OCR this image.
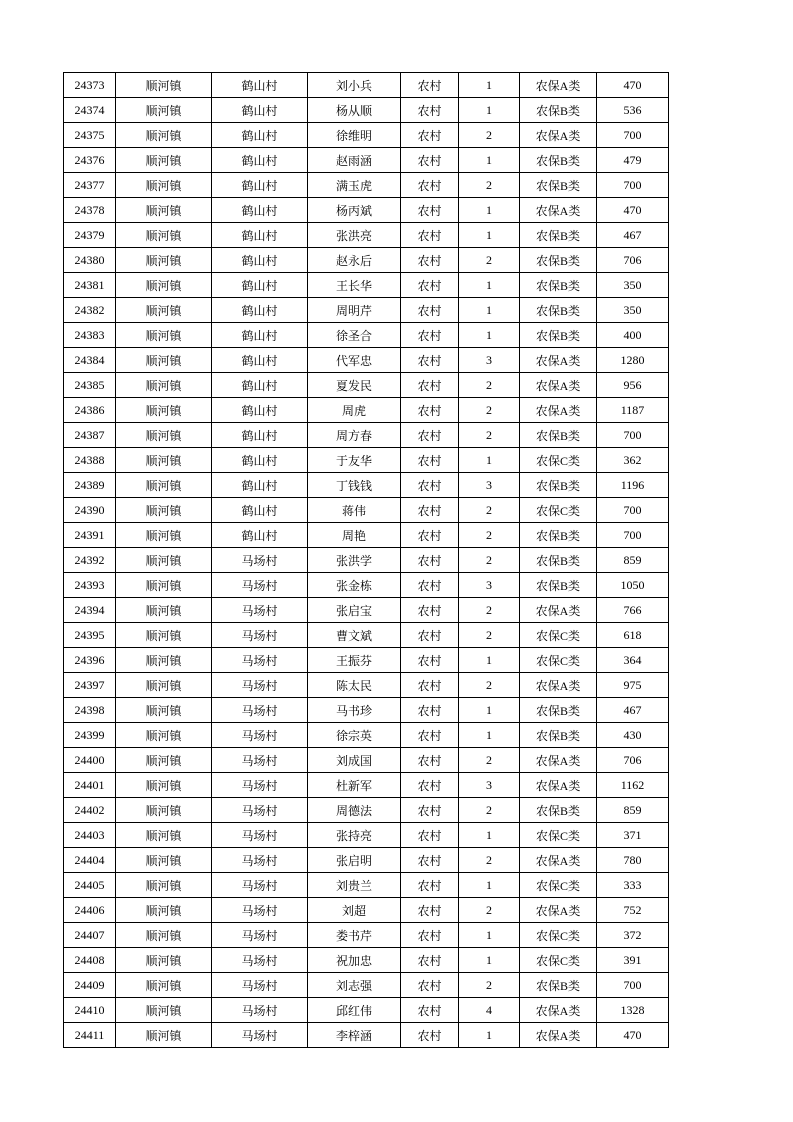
24373	顺河镇	鹤山村	刘小兵	农村	1	农保A类	470
24374	顺河镇	鹤山村	杨从顺	农村	1	农保B类	536
24375	顺河镇	鹤山村	徐维明	农村	2	农保A类	700
24376	顺河镇	鹤山村	赵雨涵	农村	1	农保B类	479
24377	顺河镇	鹤山村	满玉虎	农村	2	农保B类	700
24378	顺河镇	鹤山村	杨丙斌	农村	1	农保A类	470
24379	顺河镇	鹤山村	张洪亮	农村	1	农保B类	467
24380	顺河镇	鹤山村	赵永后	农村	2	农保B类	706
24381	顺河镇	鹤山村	王长华	农村	1	农保B类	350
24382	顺河镇	鹤山村	周明芹	农村	1	农保B类	350
24383	顺河镇	鹤山村	徐圣合	农村	1	农保B类	400
24384	顺河镇	鹤山村	代军忠	农村	3	农保A类	1280
24385	顺河镇	鹤山村	夏发民	农村	2	农保A类	956
24386	顺河镇	鹤山村	周虎	农村	2	农保A类	1187
24387	顺河镇	鹤山村	周方春	农村	2	农保B类	700
24388	顺河镇	鹤山村	于友华	农村	1	农保C类	362
24389	顺河镇	鹤山村	丁钱钱	农村	3	农保B类	1196
24390	顺河镇	鹤山村	蒋伟	农村	2	农保C类	700
24391	顺河镇	鹤山村	周艳	农村	2	农保B类	700
24392	顺河镇	马场村	张洪学	农村	2	农保B类	859
24393	顺河镇	马场村	张金栋	农村	3	农保B类	1050
24394	顺河镇	马场村	张启宝	农村	2	农保A类	766
24395	顺河镇	马场村	曹文斌	农村	2	农保C类	618
24396	顺河镇	马场村	王振芬	农村	1	农保C类	364
24397	顺河镇	马场村	陈太民	农村	2	农保A类	975
24398	顺河镇	马场村	马书珍	农村	1	农保B类	467
24399	顺河镇	马场村	徐宗英	农村	1	农保B类	430
24400	顺河镇	马场村	刘成国	农村	2	农保A类	706
24401	顺河镇	马场村	杜新军	农村	3	农保A类	1162
24402	顺河镇	马场村	周德法	农村	2	农保B类	859
24403	顺河镇	马场村	张持亮	农村	1	农保C类	371
24404	顺河镇	马场村	张启明	农村	2	农保A类	780
24405	顺河镇	马场村	刘贵兰	农村	1	农保C类	333
24406	顺河镇	马场村	刘超	农村	2	农保A类	752
24407	顺河镇	马场村	娄书芹	农村	1	农保C类	372
24408	顺河镇	马场村	祝加忠	农村	1	农保C类	391
24409	顺河镇	马场村	刘志强	农村	2	农保B类	700
24410	顺河镇	马场村	邱红伟	农村	4	农保A类	1328
24411	顺河镇	马场村	李梓涵	农村	1	农保A类	470
